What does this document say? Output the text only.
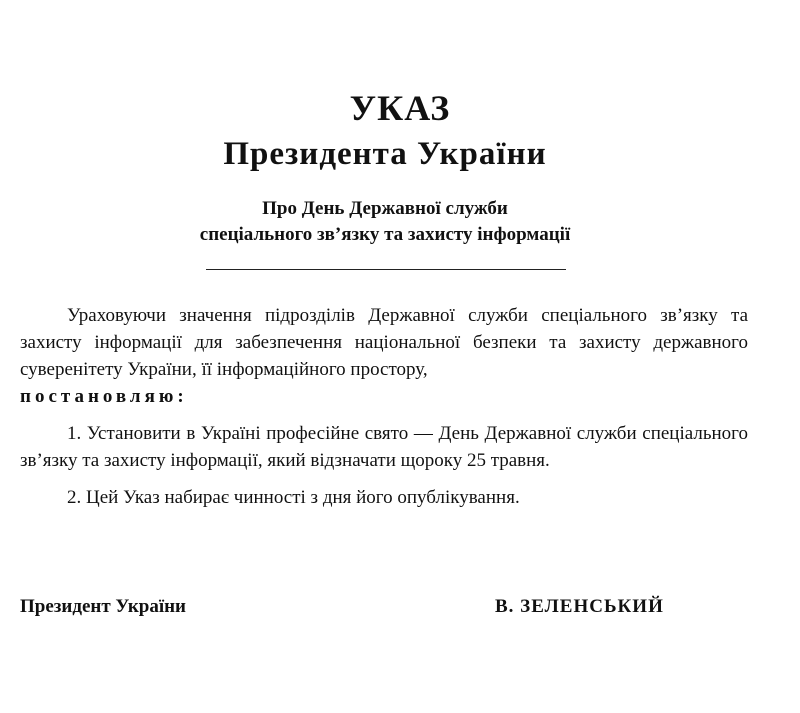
УКАЗ
Президента України
Про День Державної служби
спеціального зв’язку та захисту інформації

Ураховуючи значення підрозділів Державної служби спеціального зв’язку та захисту інформації для забезпечення національної безпеки та захисту державного суверенітету України, її інформаційного простору,
постановляю:

1. Установити в Україні професійне свято — День Державної служби спеціального зв’язку та захисту інформації, який відзначати щороку 25 травня.

2. Цей Указ набирає чинності з дня його опублікування.

Президент України	В. ЗЕЛЕНСЬКИЙ
